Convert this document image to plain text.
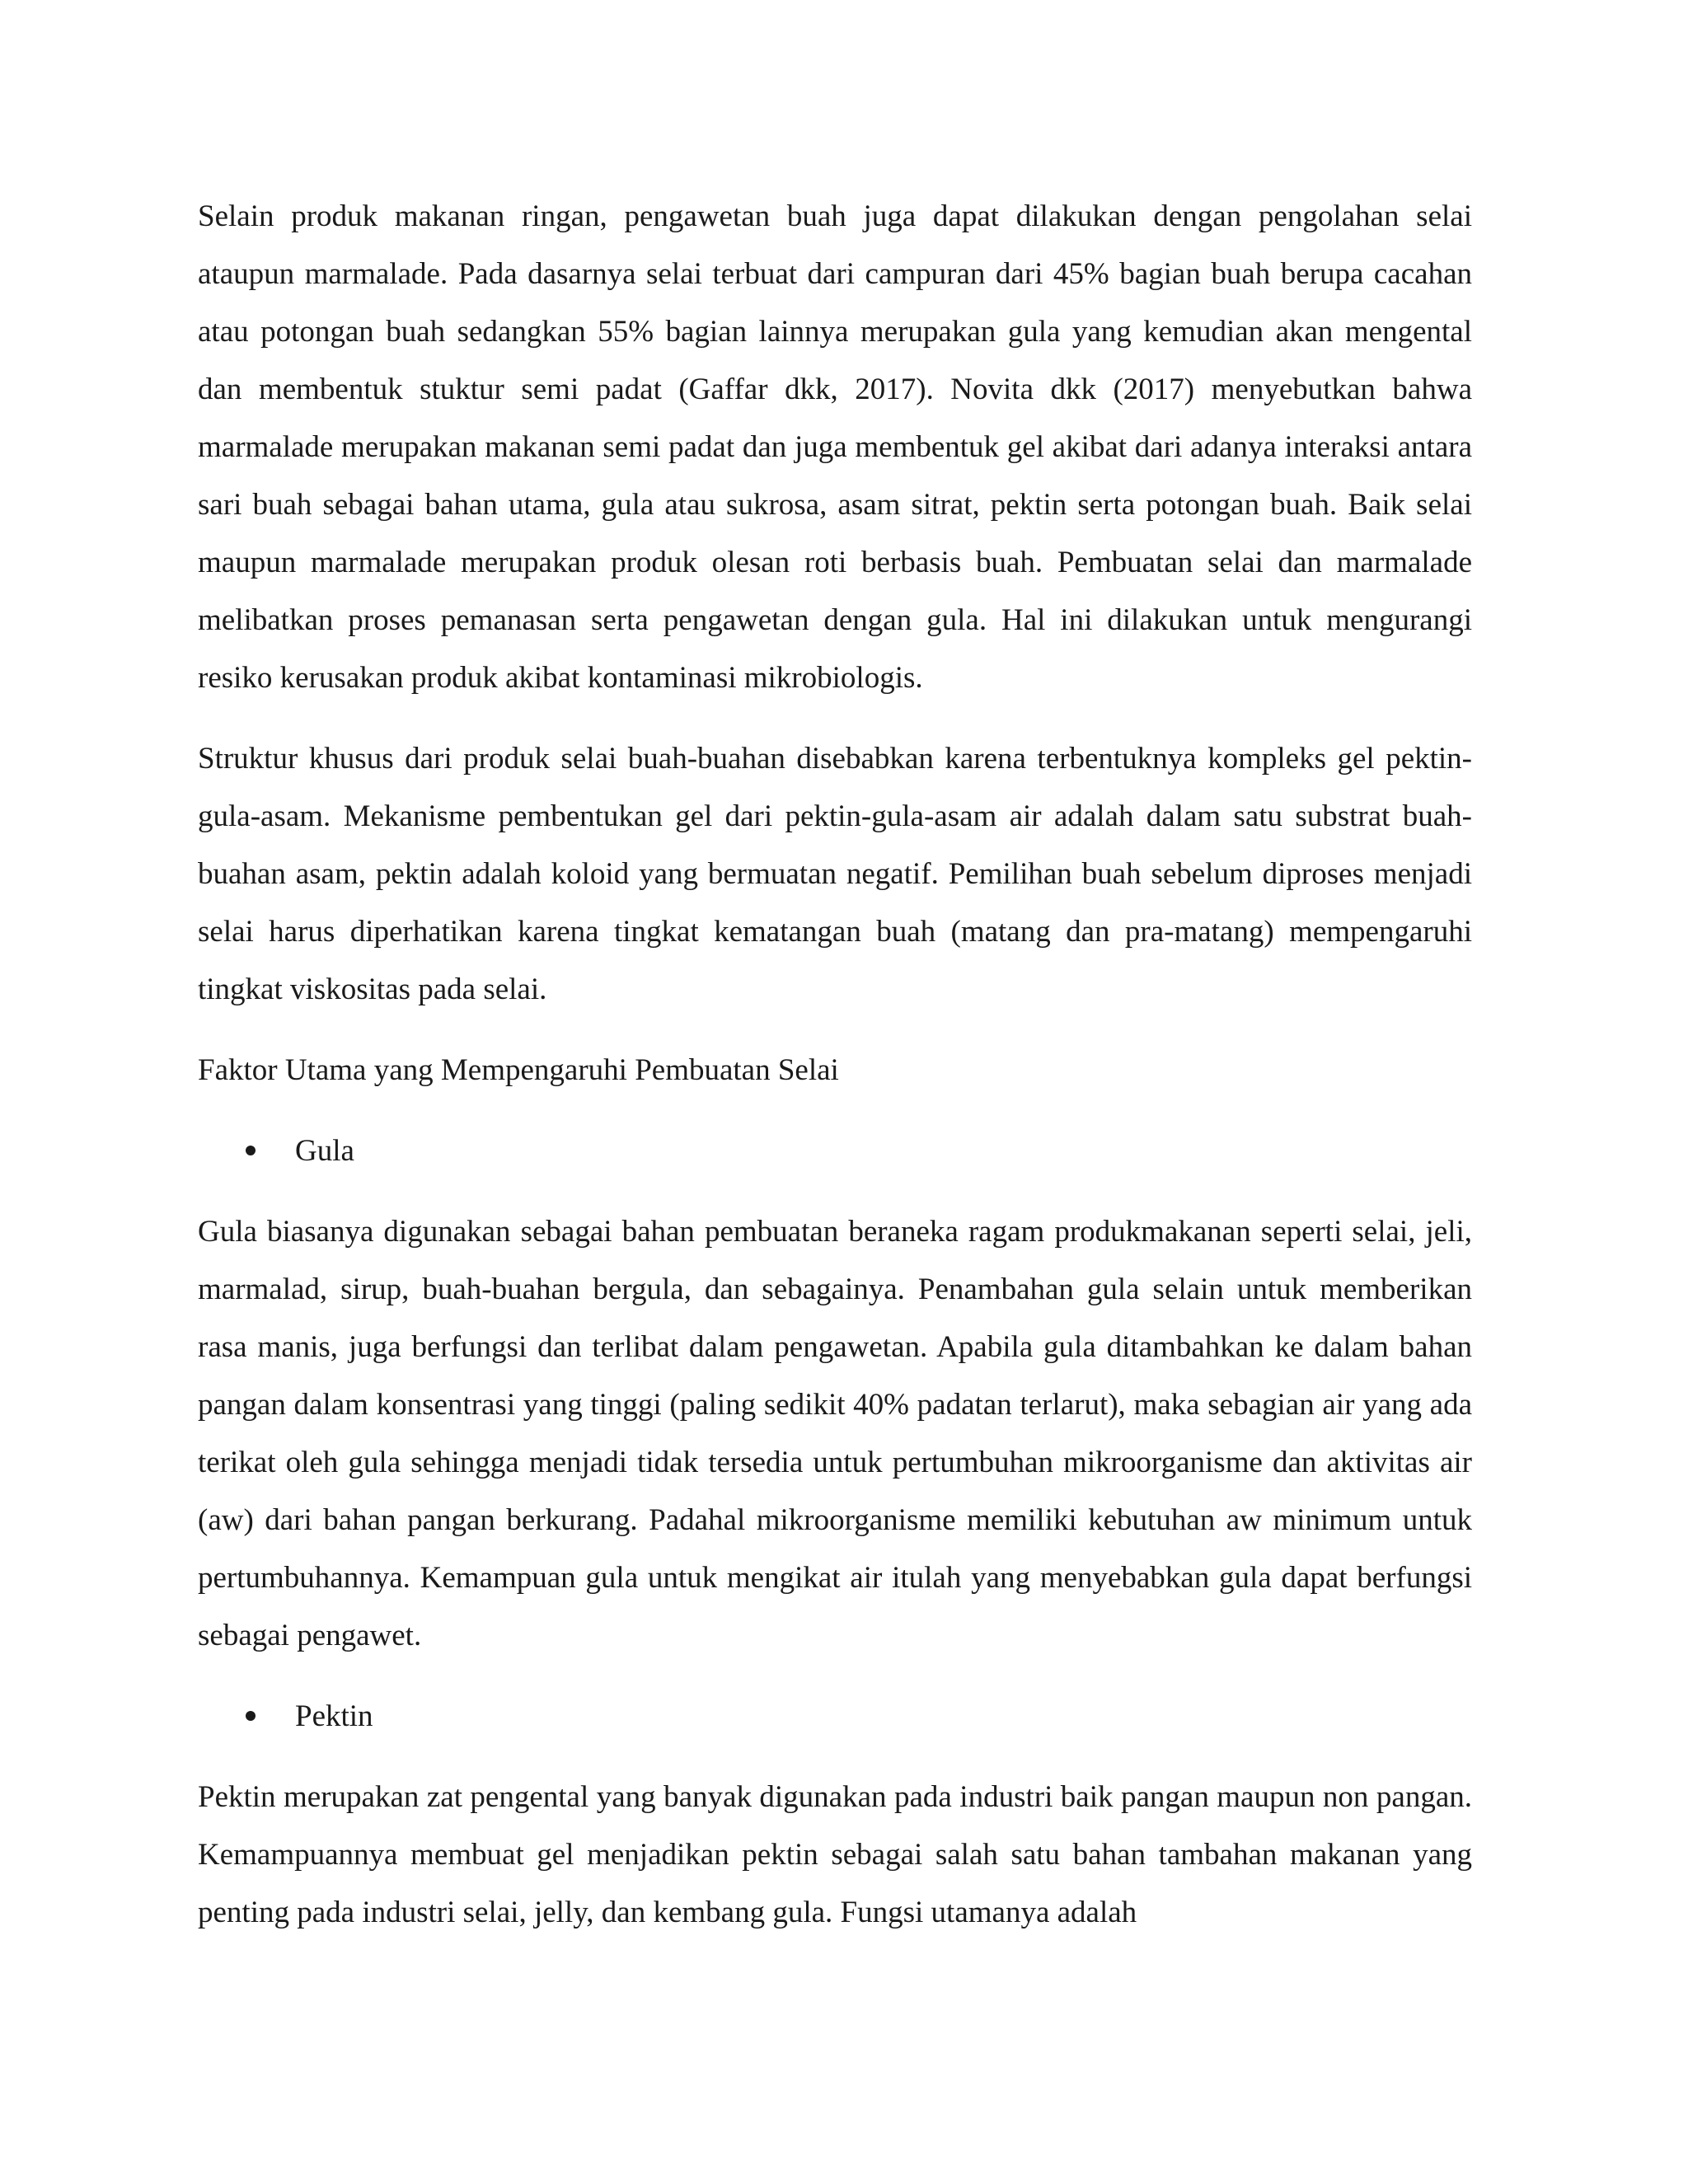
Selain produk makanan ringan, pengawetan buah juga dapat dilakukan dengan pengolahan selai ataupun marmalade. Pada dasarnya selai terbuat dari campuran dari 45% bagian buah berupa cacahan atau potongan buah sedangkan 55% bagian lainnya merupakan gula yang kemudian akan mengental dan membentuk stuktur semi padat (Gaffar dkk, 2017). Novita dkk (2017) menyebutkan bahwa marmalade merupakan makanan semi padat dan juga membentuk gel akibat dari adanya interaksi antara sari buah sebagai bahan utama, gula atau sukrosa, asam sitrat, pektin serta potongan buah. Baik selai maupun marmalade merupakan produk olesan roti berbasis buah. Pembuatan selai dan marmalade melibatkan proses pemanasan serta pengawetan dengan gula. Hal ini dilakukan untuk mengurangi resiko kerusakan produk akibat kontaminasi mikrobiologis.

Struktur khusus dari produk selai buah-buahan disebabkan karena terbentuknya kompleks gel pektin-gula-asam. Mekanisme pembentukan gel dari pektin-gula-asam air adalah dalam satu substrat buah-buahan asam, pektin adalah koloid yang bermuatan negatif. Pemilihan buah sebelum diproses menjadi selai harus diperhatikan karena tingkat kematangan buah (matang dan pra-matang) mempengaruhi tingkat viskositas pada selai.

Faktor Utama yang Mempengaruhi Pembuatan Selai

Gula

Gula biasanya digunakan sebagai bahan pembuatan beraneka ragam produkmakanan seperti selai, jeli, marmalad, sirup, buah-buahan bergula, dan sebagainya. Penambahan gula selain untuk memberikan rasa manis, juga berfungsi dan terlibat dalam pengawetan. Apabila gula ditambahkan ke dalam bahan pangan dalam konsentrasi yang tinggi (paling sedikit 40% padatan terlarut), maka sebagian air yang ada terikat oleh gula sehingga menjadi tidak tersedia untuk pertumbuhan mikroorganisme dan aktivitas air (aw) dari bahan pangan berkurang. Padahal mikroorganisme memiliki kebutuhan aw minimum untuk pertumbuhannya. Kemampuan gula untuk mengikat air itulah yang menyebabkan gula dapat berfungsi sebagai pengawet.

Pektin

Pektin merupakan zat pengental yang banyak digunakan pada industri baik pangan maupun non pangan. Kemampuannya membuat gel menjadikan pektin sebagai salah satu bahan tambahan makanan yang penting pada industri selai, jelly, dan kembang gula. Fungsi utamanya adalah
